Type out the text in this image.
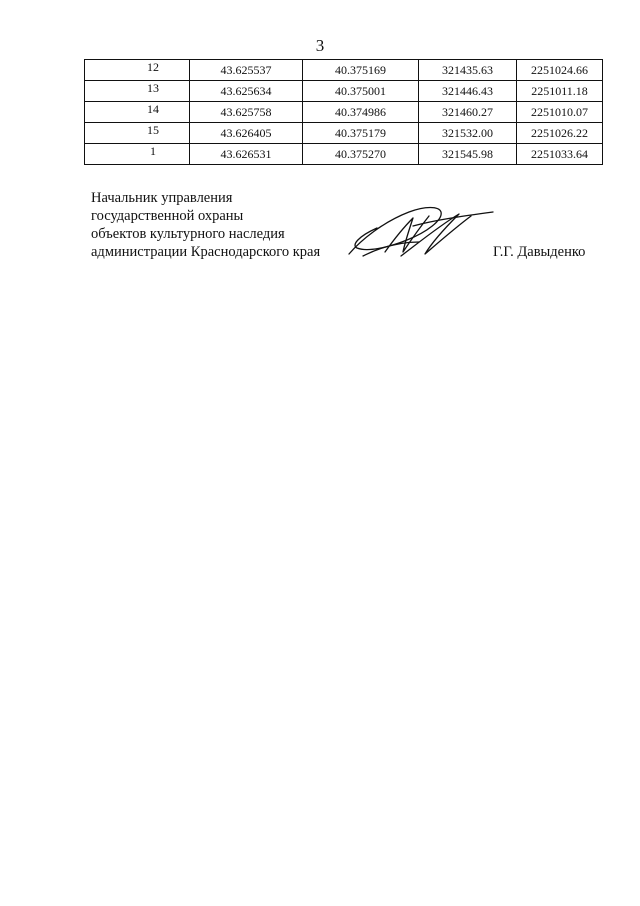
3
12	43.625537	40.375169	321435.63	2251024.66
13	43.625634	40.375001	321446.43	2251011.18
14	43.625758	40.374986	321460.27	2251010.07
15	43.626405	40.375179	321532.00	2251026.22
1	43.626531	40.375270	321545.98	2251033.64
Начальник управления
государственной охраны
объектов культурного наследия
администрации Краснодарского края	Г.Г. Давыденко
